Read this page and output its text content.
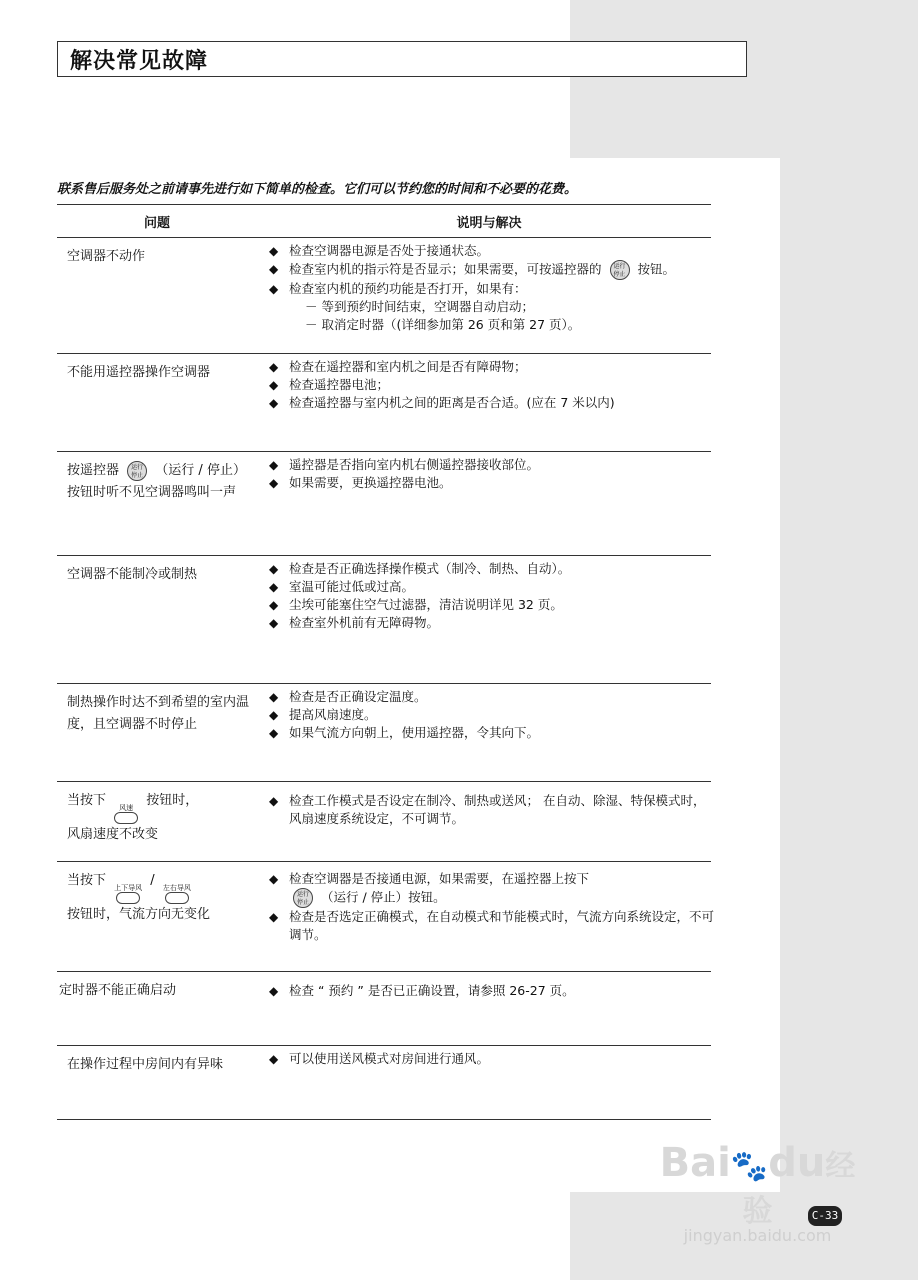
解决常见故障
联系售后服务处之前请事先进行如下简单的检查。它们可以节约您的时间和不必要的花费。
问题	说明与解决
空调器不动作	◆ 检查空调器电源是否处于接通状态。
◆ 检查室内机的指示符是否显示；如果需要，可按遥控器的 运行
停止 按钮。
◆ 检查室内机的预约功能是否打开，如果有：
－ 等到预约时间结束，空调器自动启动；
－ 取消定时器（(详细参加第 26 页和第 27 页）。
不能用遥控器操作空调器	◆ 检查在遥控器和室内机之间是否有障碍物；
◆ 检查遥控器电池；
◆ 检查遥控器与室内机之间的距离是否合适。(应在 7 米以内)
按遥控器 运行
停止 （运行 / 停止）
按钮时听不见空调器鸣叫一声
◆ 遥控器是否指向室内机右侧遥控器接收部位。
◆ 如果需要，更换遥控器电池。
空调器不能制冷或制热	◆ 检查是否正确选择操作模式（制冷、制热、自动）。
◆ 室温可能过低或过高。
◆ 尘埃可能塞住空气过滤器，清洁说明详见 32 页。
◆ 检查室外机前有无障碍物。
制热操作时达不到希望的室内温度，且空调器不时停止
◆ 检查是否正确设定温度。
◆ 提高风扇速度。
◆ 如果气流方向朝上，使用遥控器，令其向下。
当按下	风速	按钮时，
风扇速度不改变
◆ 检查工作模式是否设定在制冷、制热或送风； 在自动、除湿、特保模式时，风扇速度系统设定，不可调节。
当按下 上下导风 / 左右导风

按钮时，气流方向无变化
◆ 检查空调器是否接通电源，如果需要，在遥控器上按下
运行
停止 （运行 / 停止）按钮。
◆ 检查是否选定正确模式，在自动模式和节能模式时，气流方向系统设定，不可调节。
定时器不能正确启动	◆ 检查 “ 预约 ” 是否已正确设置，请参照 26-27 页。
在操作过程中房间内有异味	◆ 可以使用送风模式对房间进行通风。
Bai🐾du经验
jingyan.baidu.com
C-33
